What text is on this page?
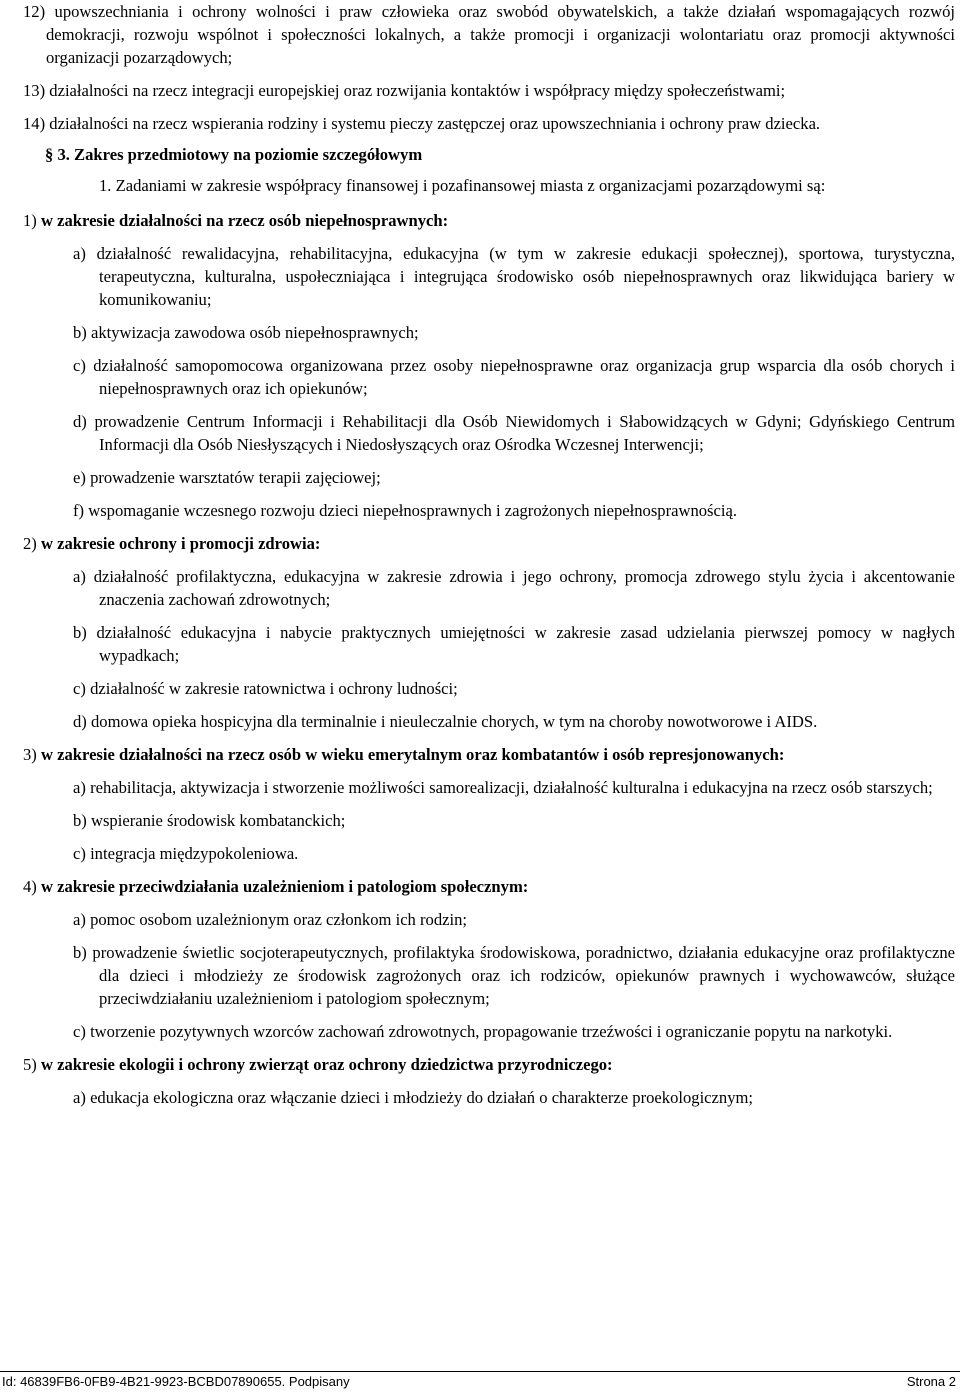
12) upowszechniania i ochrony wolności i praw człowieka oraz swobód obywatelskich, a także działań wspomagających rozwój demokracji, rozwoju wspólnot i społeczności lokalnych, a także promocji i organizacji wolontariatu oraz promocji aktywności organizacji pozarządowych;

13) działalności na rzecz integracji europejskiej oraz rozwijania kontaktów i współpracy między społeczeństwami;

14) działalności na rzecz wspierania rodziny i systemu pieczy zastępczej oraz upowszechniania i ochrony praw dziecka.

§ 3. Zakres przedmiotowy na poziomie szczegółowym

1. Zadaniami w zakresie współpracy finansowej i pozafinansowej miasta z organizacjami pozarządowymi są:

1) w zakresie działalności na rzecz osób niepełnosprawnych:

a) działalność rewalidacyjna, rehabilitacyjna, edukacyjna (w tym w zakresie edukacji społecznej), sportowa, turystyczna, terapeutyczna, kulturalna, uspołeczniająca i integrująca środowisko osób niepełnosprawnych oraz likwidująca bariery w komunikowaniu;

b) aktywizacja zawodowa osób niepełnosprawnych;

c) działalność samopomocowa organizowana przez osoby niepełnosprawne oraz organizacja grup wsparcia dla osób chorych i niepełnosprawnych oraz ich opiekunów;

d) prowadzenie Centrum Informacji i Rehabilitacji dla Osób Niewidomych i Słabowidzących w Gdyni; Gdyńskiego Centrum Informacji dla Osób Niesłyszących i Niedosłyszących oraz Ośrodka Wczesnej Interwencji;

e) prowadzenie warsztatów terapii zajęciowej;

f) wspomaganie wczesnego rozwoju dzieci niepełnosprawnych i zagrożonych niepełnosprawnością.

2) w zakresie ochrony i promocji zdrowia:

a) działalność profilaktyczna, edukacyjna w zakresie zdrowia i jego ochrony, promocja zdrowego stylu życia i akcentowanie znaczenia zachowań zdrowotnych;

b) działalność edukacyjna i nabycie praktycznych umiejętności w zakresie zasad udzielania pierwszej pomocy w nagłych wypadkach;

c) działalność w zakresie ratownictwa i ochrony ludności;

d) domowa opieka hospicyjna dla terminalnie i nieuleczalnie chorych, w tym na choroby nowotworowe i AIDS.

3) w zakresie działalności na rzecz osób w wieku emerytalnym oraz kombatantów i osób represjonowanych:

a) rehabilitacja, aktywizacja i stworzenie możliwości samorealizacji, działalność kulturalna i edukacyjna na rzecz osób starszych;

b) wspieranie środowisk kombatanckich;

c) integracja międzypokoleniowa.

4) w zakresie przeciwdziałania uzależnieniom i patologiom społecznym:

a) pomoc osobom uzależnionym oraz członkom ich rodzin;

b) prowadzenie świetlic socjoterapeutycznych, profilaktyka środowiskowa, poradnictwo, działania edukacyjne oraz profilaktyczne dla dzieci i młodzieży ze środowisk zagrożonych oraz ich rodziców, opiekunów prawnych i wychowawców, służące przeciwdziałaniu uzależnieniom i patologiom społecznym;

c) tworzenie pozytywnych wzorców zachowań zdrowotnych, propagowanie trzeźwości i ograniczanie popytu na narkotyki.

5) w zakresie ekologii i ochrony zwierząt oraz ochrony dziedzictwa przyrodniczego:

a) edukacja ekologiczna oraz włączanie dzieci i młodzieży do działań o charakterze proekologicznym;

Id: 46839FB6-0FB9-4B21-9923-BCBD07890655. Podpisany	Strona 2
